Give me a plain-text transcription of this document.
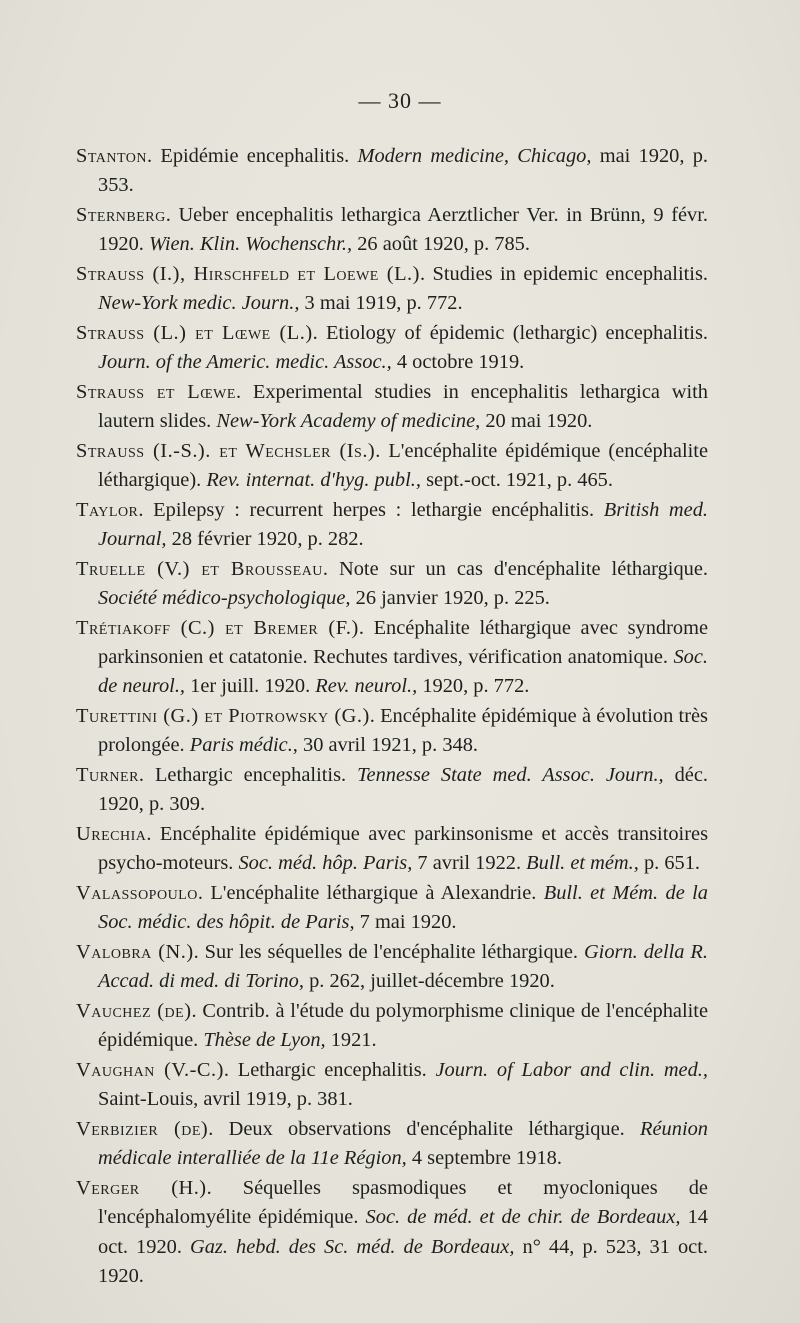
— 30 —
Stanton. Epidémie encephalitis. Modern medicine, Chicago, mai 1920, p. 353.
Sternberg. Ueber encephalitis lethargica Aerztlicher Ver. in Brünn, 9 févr. 1920. Wien. Klin. Wochenschr., 26 août 1920, p. 785.
Strauss (I.), Hirschfeld et Loewe (L.). Studies in epidemic encephalitis. New-York medic. Journ., 3 mai 1919, p. 772.
Strauss (L.) et Lœwe (L.). Etiology of épidemic (lethargic) encephalitis. Journ. of the Americ. medic. Assoc., 4 octobre 1919.
Strauss et Lœwe. Experimental studies in encephalitis lethargica with lautern slides. New-York Academy of medicine, 20 mai 1920.
Strauss (I.-S.). et Wechsler (Is.). L'encéphalite épidémique (encéphalite léthargique). Rev. internat. d'hyg. publ., sept.-oct. 1921, p. 465.
Taylor. Epilepsy : recurrent herpes : lethargie encéphalitis. British med. Journal, 28 février 1920, p. 282.
Truelle (V.) et Brousseau. Note sur un cas d'encéphalite léthargique. Société médico-psychologique, 26 janvier 1920, p. 225.
Trétiakoff (C.) et Bremer (F.). Encéphalite léthargique avec syndrome parkinsonien et catatonie. Rechutes tardives, vérification anatomique. Soc. de neurol., 1er juill. 1920. Rev. neurol., 1920, p. 772.
Turettini (G.) et Piotrowsky (G.). Encéphalite épidémique à évolution très prolongée. Paris médic., 30 avril 1921, p. 348.
Turner. Lethargic encephalitis. Tennesse State med. Assoc. Journ., déc. 1920, p. 309.
Urechia. Encéphalite épidémique avec parkinsonisme et accès transitoires psycho-moteurs. Soc. méd. hôp. Paris, 7 avril 1922. Bull. et mém., p. 651.
Valassopoulo. L'encéphalite léthargique à Alexandrie. Bull. et Mém. de la Soc. médic. des hôpit. de Paris, 7 mai 1920.
Valobra (N.). Sur les séquelles de l'encéphalite léthargique. Giorn. della R. Accad. di med. di Torino, p. 262, juillet-décembre 1920.
Vauchez (de). Contrib. à l'étude du polymorphisme clinique de l'encéphalite épidémique. Thèse de Lyon, 1921.
Vaughan (V.-C.). Lethargic encephalitis. Journ. of Labor and clin. med., Saint-Louis, avril 1919, p. 381.
Verbizier (de). Deux observations d'encéphalite léthargique. Réunion médicale interalliée de la 11e Région, 4 septembre 1918.
Verger (H.). Séquelles spasmodiques et myocloniques de l'encéphalomyélite épidémique. Soc. de méd. et de chir. de Bordeaux, 14 oct. 1920. Gaz. hebd. des Sc. méd. de Bordeaux, n° 44, p. 523, 31 oct. 1920.
